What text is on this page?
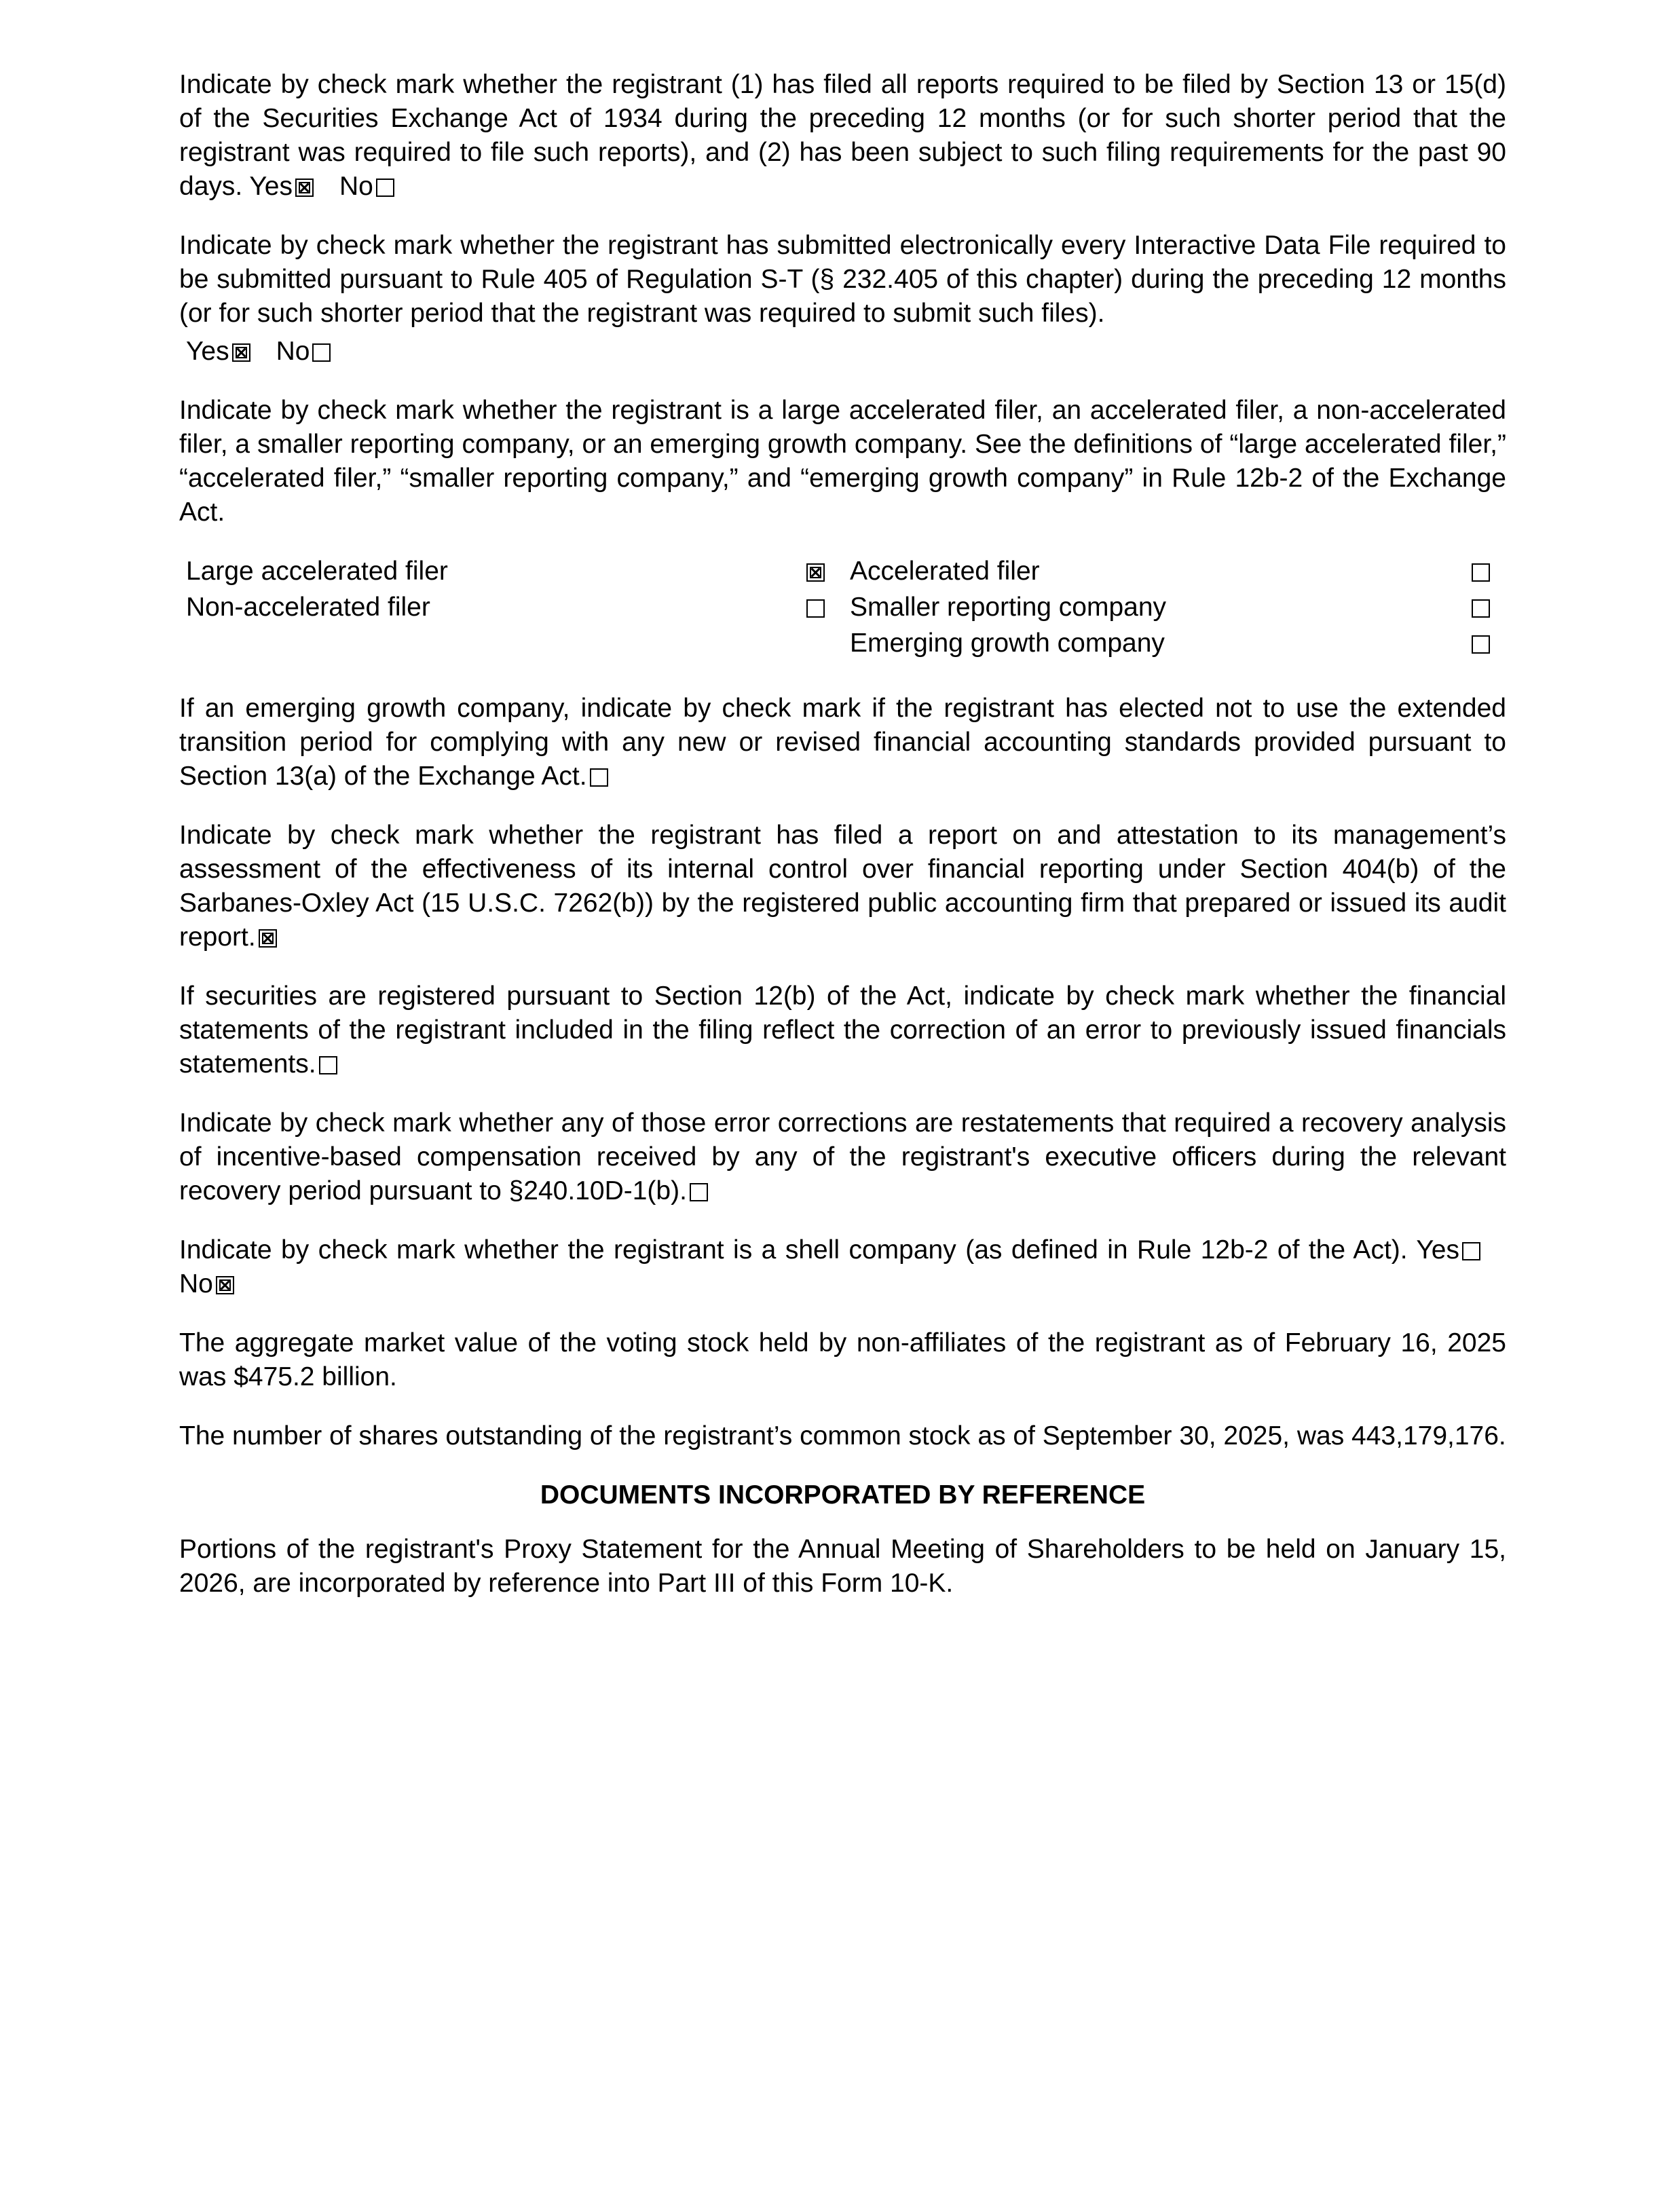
Indicate by check mark whether the registrant (1) has filed all reports required to be filed by Section 13 or 15(d) of the Securities Exchange Act of 1934 during the preceding 12 months (or for such shorter period that the registrant was required to file such reports), and (2) has been subject to such filing requirements for the past 90 days. Yes No

Indicate by check mark whether the registrant has submitted electronically every Interactive Data File required to be submitted pursuant to Rule 405 of Regulation S-T (§ 232.405 of this chapter) during the preceding 12 months (or for such shorter period that the registrant was required to submit such files).

Yes No

Indicate by check mark whether the registrant is a large accelerated filer, an accelerated filer, a non-accelerated filer, a smaller reporting company, or an emerging growth company. See the definitions of “large accelerated filer,” “accelerated filer,” “smaller reporting company,” and “emerging growth company” in Rule 12b-2 of the Exchange Act.

Large accelerated filer	Accelerated filer
Non-accelerated filer	Smaller reporting company
Emerging growth company

If an emerging growth company, indicate by check mark if the registrant has elected not to use the extended transition period for complying with any new or revised financial accounting standards provided pursuant to Section 13(a) of the Exchange Act.

Indicate by check mark whether the registrant has filed a report on and attestation to its management’s assessment of the effectiveness of its internal control over financial reporting under Section 404(b) of the Sarbanes-Oxley Act (15 U.S.C. 7262(b)) by the registered public accounting firm that prepared or issued its audit report.

If securities are registered pursuant to Section 12(b) of the Act, indicate by check mark whether the financial statements of the registrant included in the filing reflect the correction of an error to previously issued financials statements.

Indicate by check mark whether any of those error corrections are restatements that required a recovery analysis of incentive-based compensation received by any of the registrant's executive officers during the relevant recovery period pursuant to §240.10D-1(b).

Indicate by check mark whether the registrant is a shell company (as defined in Rule 12b-2 of the Act). YesNo

The aggregate market value of the voting stock held by non-affiliates of the registrant as of February 16, 2025 was $475.2 billion.

The number of shares outstanding of the registrant’s common stock as of September 30, 2025, was 443,179,176.

DOCUMENTS INCORPORATED BY REFERENCE

Portions of the registrant's Proxy Statement for the Annual Meeting of Shareholders to be held on January 15, 2026, are incorporated by reference into Part III of this Form 10-K.
